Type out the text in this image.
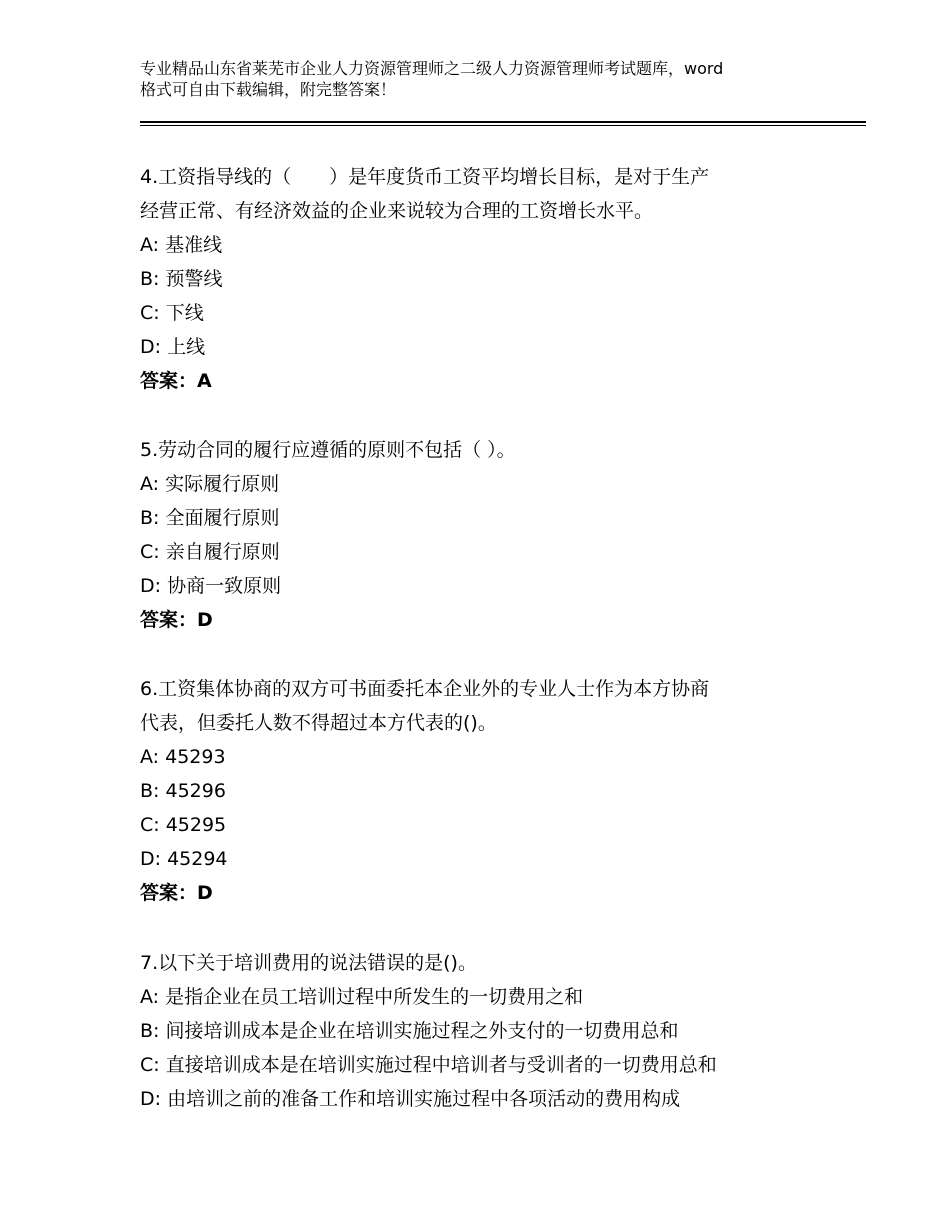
专业精品山东省莱芜市企业人力资源管理师之二级人力资源管理师考试题库，word
格式可自由下载编辑，附完整答案！

4.工资指导线的（　　）是年度货币工资平均增长目标，是对于生产

经营正常、有经济效益的企业来说较为合理的工资增长水平。

A: 基准线

B: 预警线

C: 下线

D: 上线

答案：A

5.劳动合同的履行应遵循的原则不包括（ ）。

A: 实际履行原则

B: 全面履行原则

C: 亲自履行原则

D: 协商一致原则

答案：D

6.工资集体协商的双方可书面委托本企业外的专业人士作为本方协商

代表，但委托人数不得超过本方代表的()。

A: 45293

B: 45296

C: 45295

D: 45294

答案：D

7.以下关于培训费用的说法错误的是()。

A: 是指企业在员工培训过程中所发生的一切费用之和

B: 间接培训成本是企业在培训实施过程之外支付的一切费用总和

C: 直接培训成本是在培训实施过程中培训者与受训者的一切费用总和

D: 由培训之前的准备工作和培训实施过程中各项活动的费用构成
